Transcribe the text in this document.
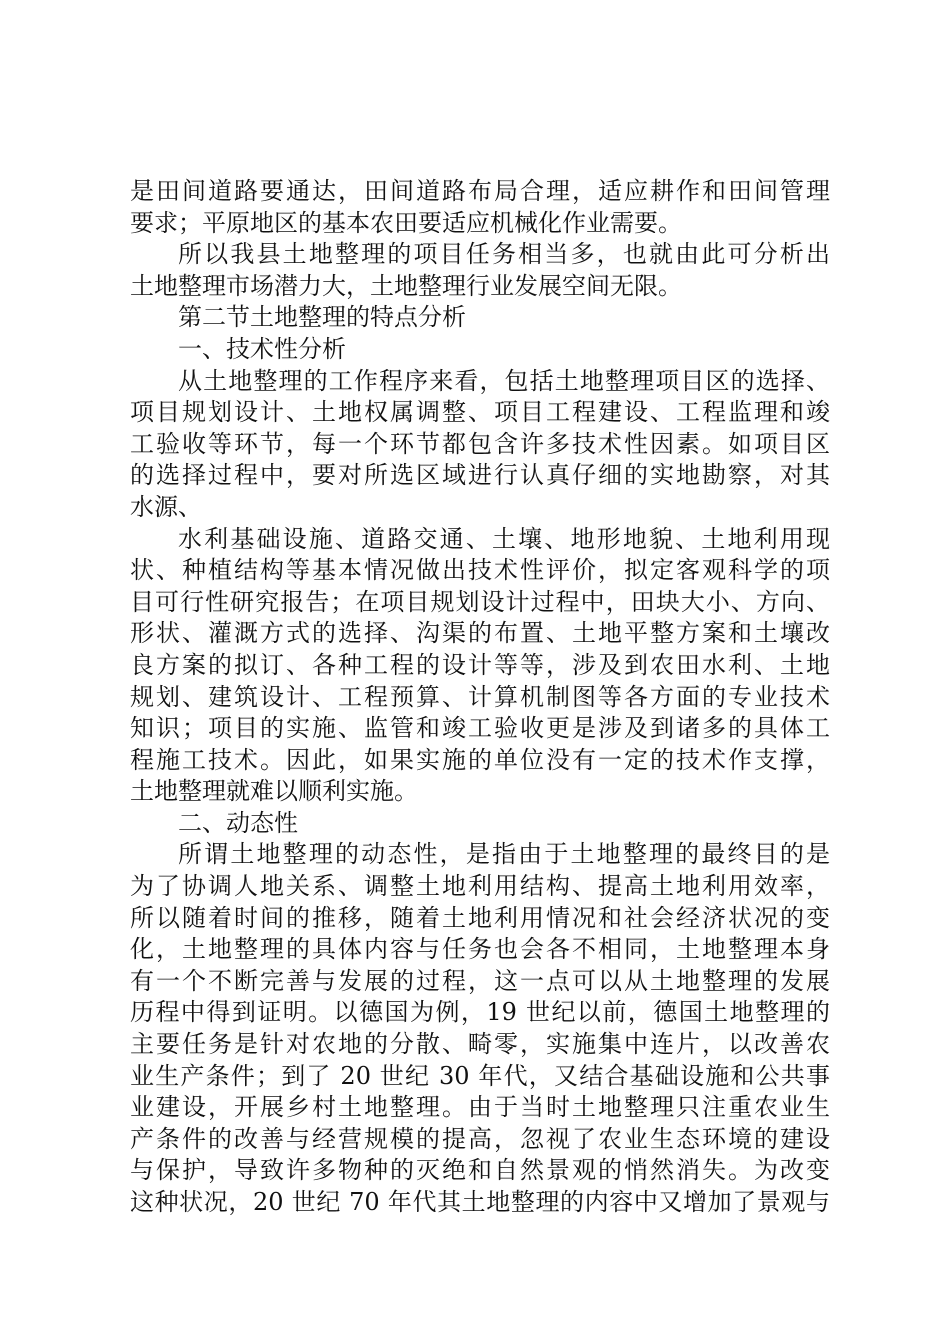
是田间道路要通达，田间道路布局合理，适应耕作和田间管理
要求；平原地区的基本农田要适应机械化作业需要。
所以我县土地整理的项目任务相当多，也就由此可分析出
土地整理市场潜力大，土地整理行业发展空间无限。
第二节土地整理的特点分析
一、技术性分析
从土地整理的工作程序来看，包括土地整理项目区的选择、
项目规划设计、土地权属调整、项目工程建设、工程监理和竣
工验收等环节，每一个环节都包含许多技术性因素。如项目区
的选择过程中，要对所选区域进行认真仔细的实地勘察，对其
水源、
水利基础设施、道路交通、土壤、地形地貌、土地利用现
状、种植结构等基本情况做出技术性评价，拟定客观科学的项
目可行性研究报告；在项目规划设计过程中，田块大小、方向、
形状、灌溉方式的选择、沟渠的布置、土地平整方案和土壤改
良方案的拟订、各种工程的设计等等，涉及到农田水利、土地
规划、建筑设计、工程预算、计算机制图等各方面的专业技术
知识；项目的实施、监管和竣工验收更是涉及到诸多的具体工
程施工技术。因此，如果实施的单位没有一定的技术作支撑，
土地整理就难以顺利实施。
二、动态性
所谓土地整理的动态性，是指由于土地整理的最终目的是
为了协调人地关系、调整土地利用结构、提高土地利用效率，
所以随着时间的推移，随着土地利用情况和社会经济状况的变
化，土地整理的具体内容与任务也会各不相同，土地整理本身
有一个不断完善与发展的过程，这一点可以从土地整理的发展
历程中得到证明。以德国为例，19 世纪以前，德国土地整理的
主要任务是针对农地的分散、畸零，实施集中连片，以改善农
业生产条件；到了 20 世纪 30 年代，又结合基础设施和公共事
业建设，开展乡村土地整理。由于当时土地整理只注重农业生
产条件的改善与经营规模的提高，忽视了农业生态环境的建设
与保护，导致许多物种的灭绝和自然景观的悄然消失。为改变
这种状况，20 世纪 70 年代其土地整理的内容中又增加了景观与
